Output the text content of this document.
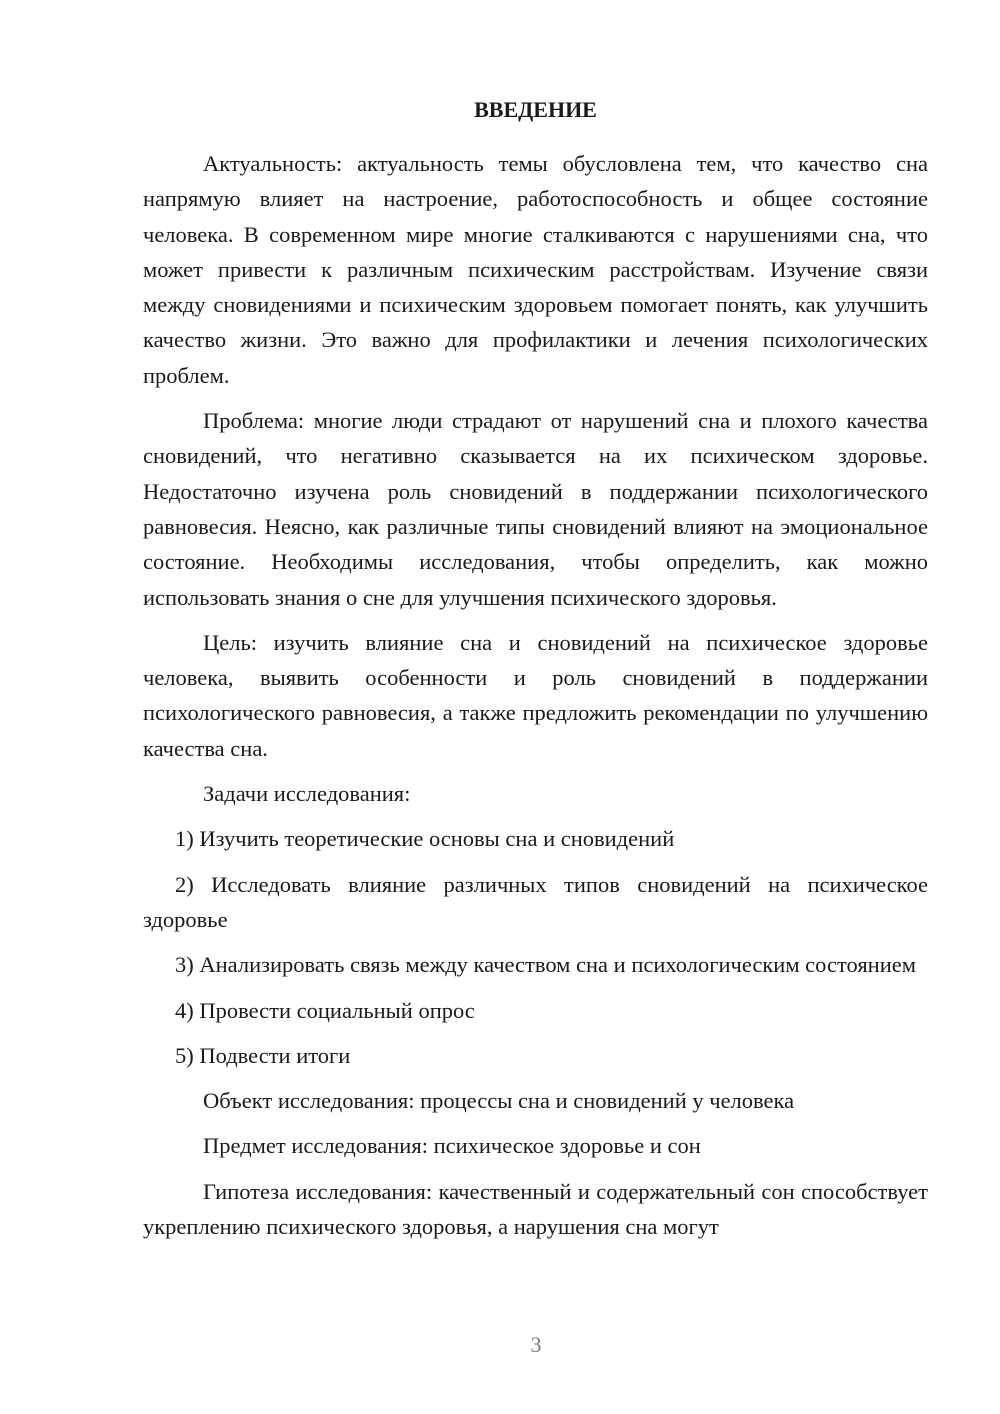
ВВЕДЕНИЕ

Актуальность: актуальность темы обусловлена тем, что качество сна напрямую влияет на настроение, работоспособность и общее состояние человека. В современном мире многие сталкиваются с нарушениями сна, что может привести к различным психическим расстройствам. Изучение связи между сновидениями и психическим здоровьем помогает понять, как улучшить качество жизни. Это важно для профилактики и лечения психологических проблем.

Проблема: многие люди страдают от нарушений сна и плохого качества сновидений, что негативно сказывается на их психическом здоровье. Недостаточно изучена роль сновидений в поддержании психологического равновесия. Неясно, как различные типы сновидений влияют на эмоциональное состояние. Необходимы исследования, чтобы определить, как можно использовать знания о сне для улучшения психического здоровья.

Цель: изучить влияние сна и сновидений на психическое здоровье человека, выявить особенности и роль сновидений в поддержании психологического равновесия, а также предложить рекомендации по улучшению качества сна.

Задачи исследования:

1) Изучить теоретические основы сна и сновидений

2) Исследовать влияние различных типов сновидений на психическое здоровье

3) Анализировать связь между качеством сна и психологическим состоянием

4) Провести социальный опрос

5) Подвести итоги

Объект исследования: процессы сна и сновидений у человека

Предмет исследования: психическое здоровье и сон

Гипотеза исследования: качественный и содержательный сон способствует укреплению психического здоровья, а нарушения сна могут

3
